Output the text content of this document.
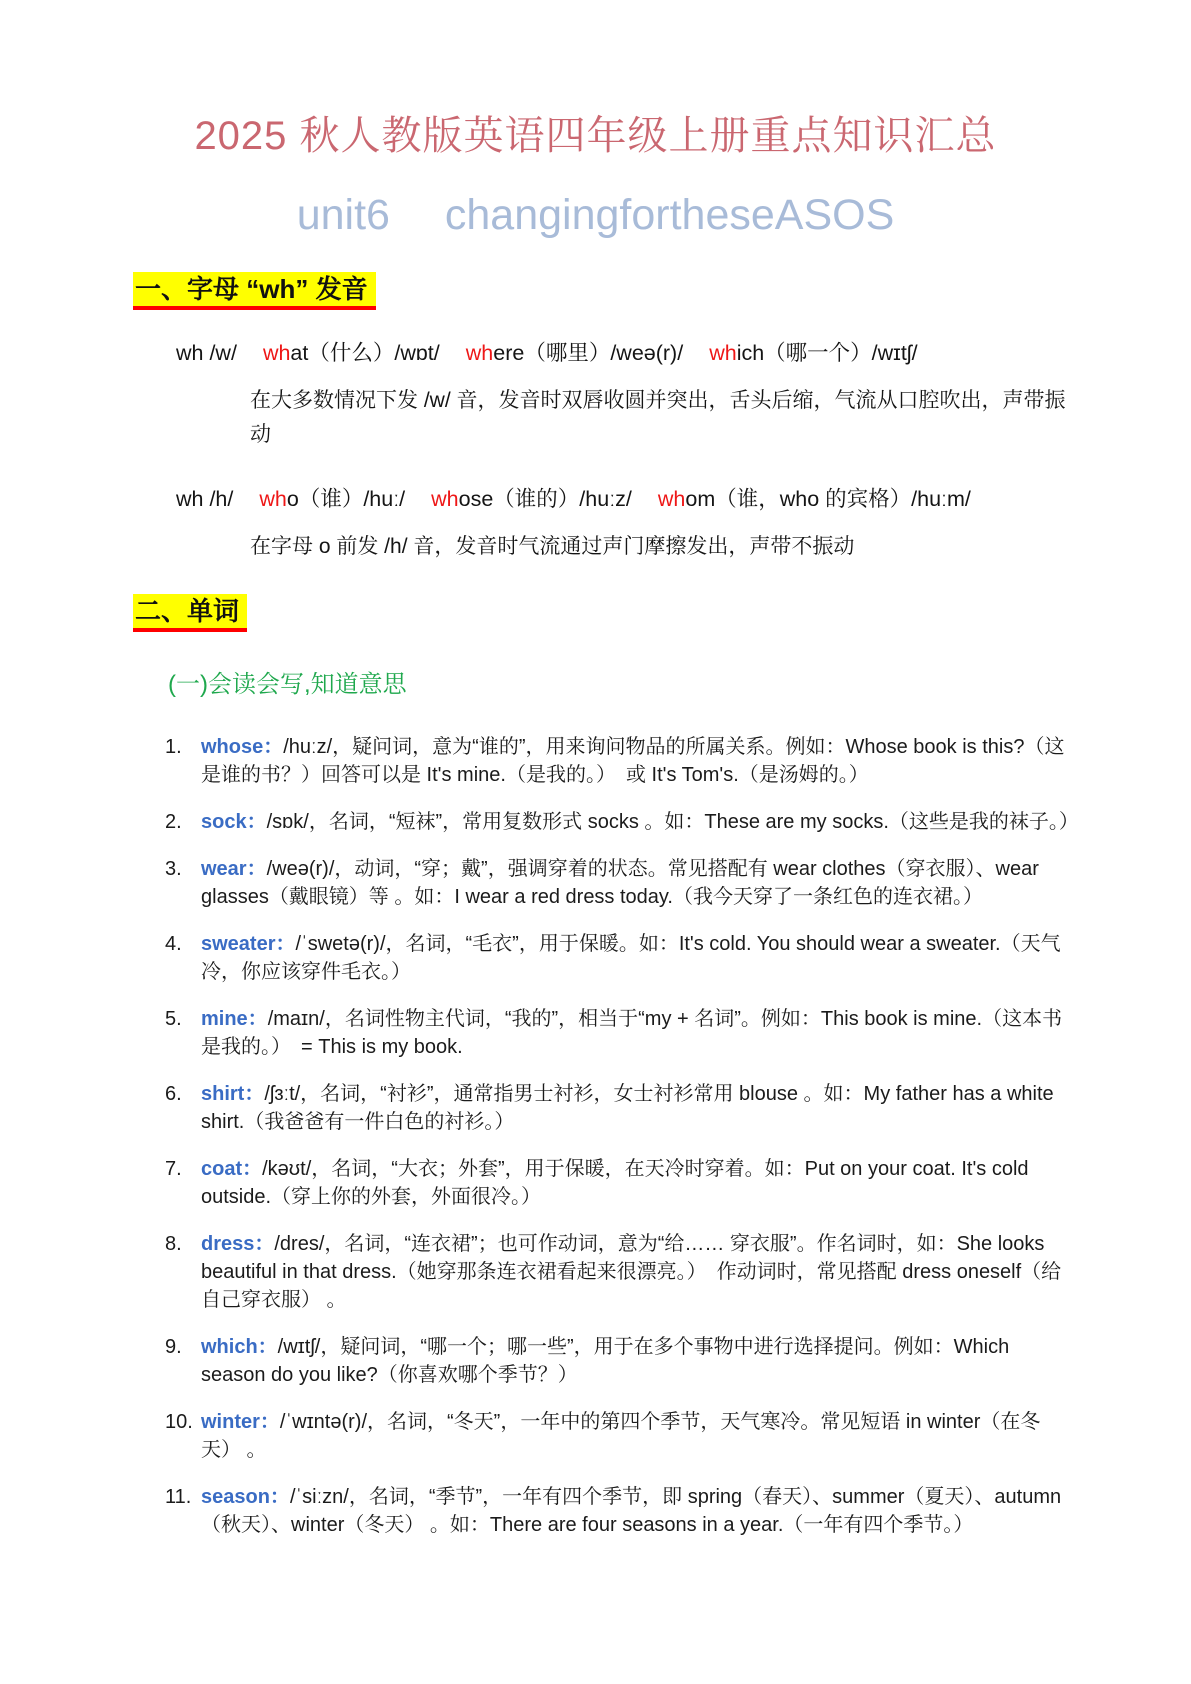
2025 秋人教版英语四年级上册重点知识汇总
unit6　 changingfortheseASOS
一、字母 “wh” 发音

wh /w/ what（什么）/wɒt/ where（哪里）/weə(r)/ which（哪一个）/wɪtʃ/

在大多数情况下发 /w/ 音，发音时双唇收圆并突出，舌头后缩，气流从口腔吹出，声带振动

wh /h/ who（谁）/huː/ whose（谁的）/huːz/ whom（谁，who 的宾格）/huːm/

在字母 o 前发 /h/ 音，发音时气流通过声门摩擦发出，声带不振动

二、单词
(一)会读会写,知道意思
1. whose：/huːz/，疑问词，意为“谁的”，用来询问物品的所属关系。例如：Whose book is this?（这是谁的书？）回答可以是 It's mine.（是我的。）　或 It's Tom's.（是汤姆的。）
2. sock：/sɒk/，名词，“短袜”，常用复数形式 socks 。如：These are my socks.（这些是我的袜子。）
3. wear：/weə(r)/，动词，“穿；戴”，强调穿着的状态。常见搭配有 wear clothes（穿衣服）、wear glasses（戴眼镜）等 。如：I wear a red dress today.（我今天穿了一条红色的连衣裙。）
4. sweater：/ˈswetə(r)/，名词，“毛衣”，用于保暖。如：It's cold. You should wear a sweater.（天气冷，你应该穿件毛衣。）
5. mine：/maɪn/，名词性物主代词，“我的”，相当于“my + 名词”。例如：This book is mine.（这本书是我的。）　= This is my book.
6. shirt：/ʃɜːt/，名词，“衬衫”，通常指男士衬衫，女士衬衫常用 blouse 。如：My father has a white shirt.（我爸爸有一件白色的衬衫。）
7. coat：/kəʊt/，名词，“大衣；外套”，用于保暖，在天冷时穿着。如：Put on your coat. It's cold outside.（穿上你的外套，外面很冷。）
8. dress：/dres/，名词，“连衣裙”；也可作动词，意为“给…… 穿衣服”。作名词时，如：She looks beautiful in that dress.（她穿那条连衣裙看起来很漂亮。）　作动词时，常见搭配 dress oneself（给自己穿衣服） 。
9. which：/wɪtʃ/，疑问词，“哪一个；哪一些”，用于在多个事物中进行选择提问。例如：Which season do you like?（你喜欢哪个季节？）
10. winter：/ˈwɪntə(r)/，名词，“冬天”，一年中的第四个季节，天气寒冷。常见短语 in winter（在冬天） 。
11. season：/ˈsiːzn/，名词，“季节”，一年有四个季节，即 spring（春天）、summer（夏天）、autumn（秋天）、winter（冬天） 。如：There are four seasons in a year.（一年有四个季节。）
